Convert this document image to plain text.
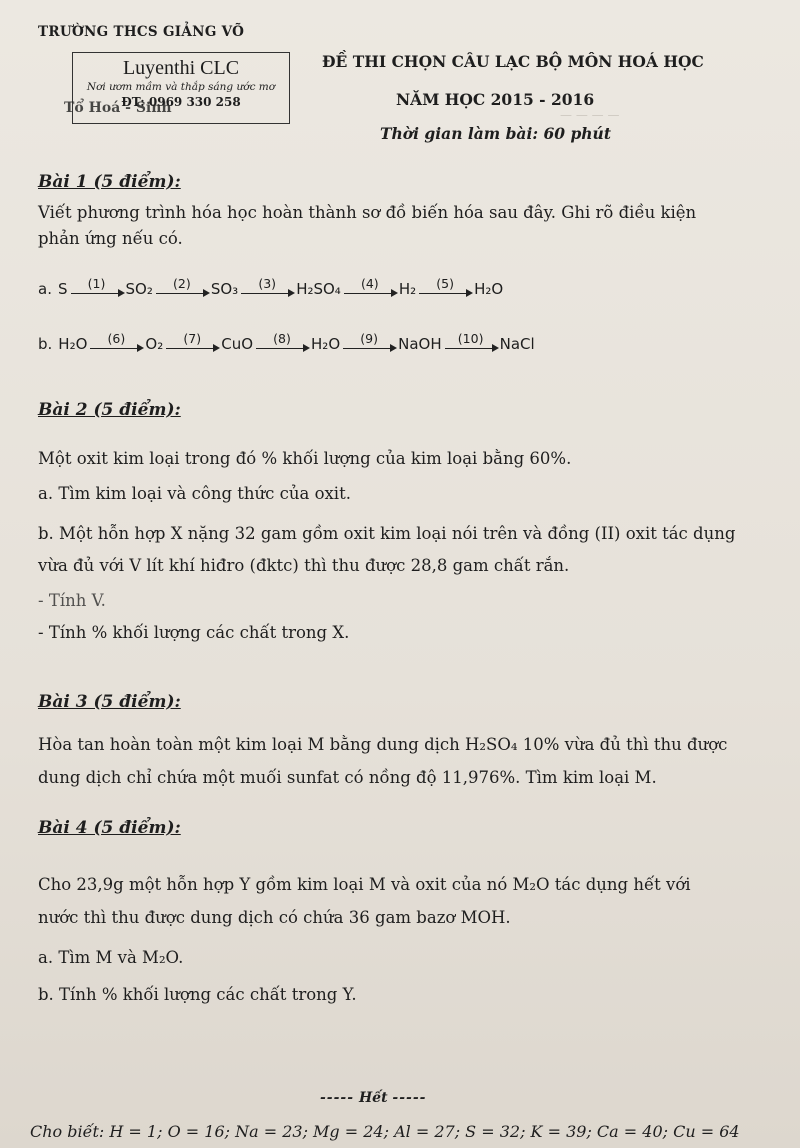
— — — —
TRƯỜNG THCS GIẢNG VÕ
Luyenthi CLC
Nơi ươm mầm và thắp sáng ước mơ
ĐT: 0969 330 258
Tổ Hoá - Sinh
ĐỀ THI CHỌN CÂU LẠC BỘ MÔN HOÁ HỌC
NĂM HỌC 2015 - 2016
Thời gian làm bài: 60 phút
Bài 1 (5 điểm):
Viết phương trình hóa học hoàn thành sơ đồ biến hóa sau đây. Ghi rõ điều kiện phản ứng nếu có.
a. S (1) SO₂ (2) SO₃ (3) H₂SO₄ (4) H₂ (5) H₂O
b. H₂O (6) O₂ (7) CuO (8) H₂O (9) NaOH (10) NaCl
Bài 2 (5 điểm):
Một oxit kim loại trong đó % khối lượng của kim loại bằng 60%.
a. Tìm kim loại và công thức của oxit.
b. Một hỗn hợp X nặng 32 gam gồm oxit kim loại nói trên và đồng (II) oxit tác dụng vừa đủ với V lít khí hiđro (đktc) thì thu được 28,8 gam chất rắn.
- Tính V.
- Tính % khối lượng các chất trong X.
Bài 3 (5 điểm):
Hòa tan hoàn toàn một kim loại M bằng dung dịch H₂SO₄ 10% vừa đủ thì thu được dung dịch chỉ chứa một muối sunfat có nồng độ 11,976%. Tìm kim loại M.
Bài 4 (5 điểm):
Cho 23,9g một hỗn hợp Y gồm kim loại M và oxit của nó M₂O tác dụng hết với nước thì thu được dung dịch có chứa 36 gam bazơ MOH.
a. Tìm M và M₂O.
b. Tính % khối lượng các chất trong Y.
----- Hết -----
Cho biết: H = 1; O = 16; Na = 23; Mg = 24; Al = 27; S = 32; K = 39; Ca = 40; Cu = 64
